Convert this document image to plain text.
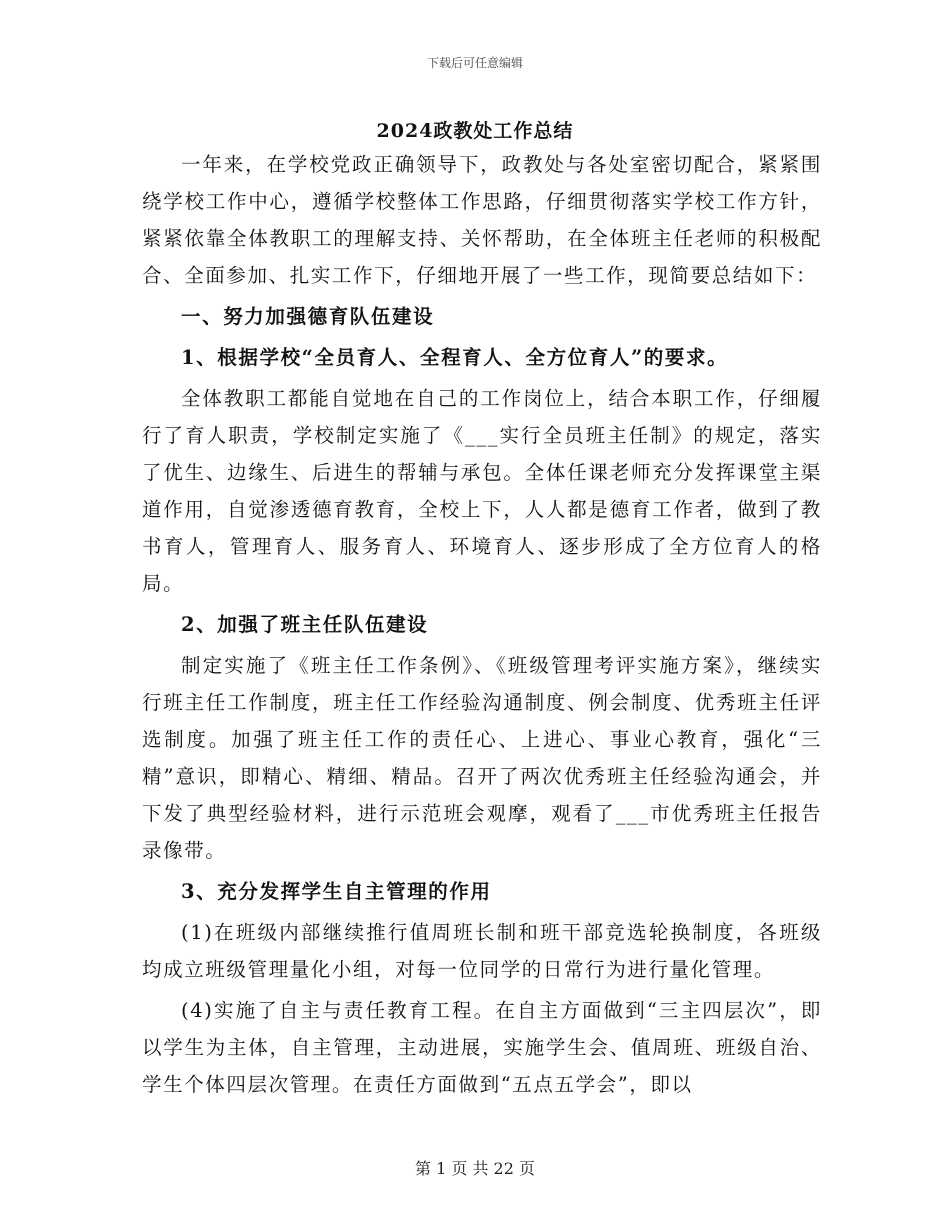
下载后可任意编辑
2024政教处工作总结

一年来，在学校党政正确领导下，政教处与各处室密切配合，紧紧围绕学校工作中心，遵循学校整体工作思路，仔细贯彻落实学校工作方针，紧紧依靠全体教职工的理解支持、关怀帮助，在全体班主任老师的积极配合、全面参加、扎实工作下，仔细地开展了一些工作，现简要总结如下：

一、努力加强德育队伍建设

1、根据学校“全员育人、全程育人、全方位育人”的要求。

全体教职工都能自觉地在自己的工作岗位上，结合本职工作，仔细履行了育人职责，学校制定实施了《___实行全员班主任制》的规定，落实了优生、边缘生、后进生的帮辅与承包。全体任课老师充分发挥课堂主渠道作用，自觉渗透德育教育，全校上下，人人都是德育工作者，做到了教书育人，管理育人、服务育人、环境育人、逐步形成了全方位育人的格局。

2、加强了班主任队伍建设

制定实施了《班主任工作条例》、《班级管理考评实施方案》，继续实行班主任工作制度，班主任工作经验沟通制度、例会制度、优秀班主任评选制度。加强了班主任工作的责任心、上进心、事业心教育，强化“三精”意识，即精心、精细、精品。召开了两次优秀班主任经验沟通会，并下发了典型经验材料，进行示范班会观摩，观看了___市优秀班主任报告录像带。

3、充分发挥学生自主管理的作用

(1)在班级内部继续推行值周班长制和班干部竞选轮换制度，各班级均成立班级管理量化小组，对每一位同学的日常行为进行量化管理。

(4)实施了自主与责任教育工程。在自主方面做到“三主四层次”，即以学生为主体，自主管理，主动进展，实施学生会、值周班、班级自治、学生个体四层次管理。在责任方面做到“五点五学会”，即以

第 1 页 共 22 页
